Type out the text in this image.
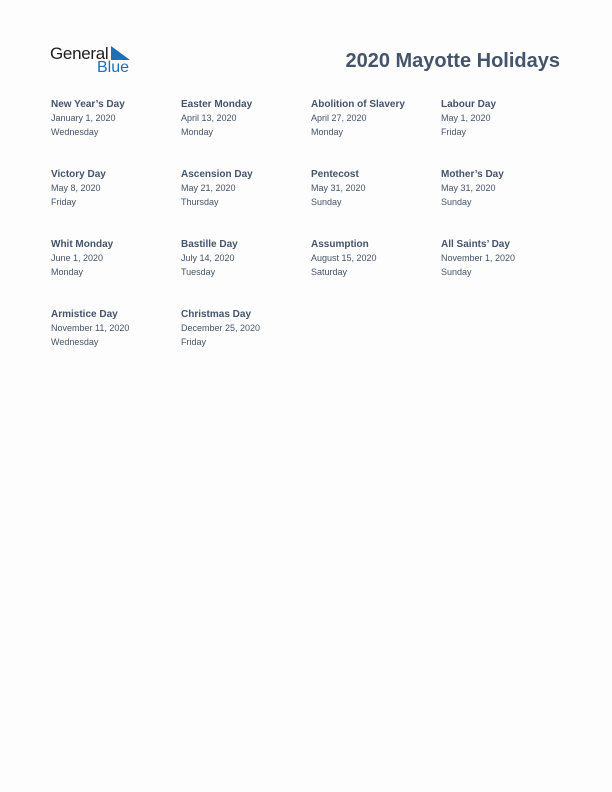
General
Blue	2020 Mayotte Holidays
New Year’s Day
January 1, 2020
Wednesday
Easter Monday
April 13, 2020
Monday
Abolition of Slavery
April 27, 2020
Monday
Labour Day
May 1, 2020
Friday
Victory Day
May 8, 2020
Friday
Ascension Day
May 21, 2020
Thursday
Pentecost
May 31, 2020
Sunday
Mother’s Day
May 31, 2020
Sunday
Whit Monday
June 1, 2020
Monday
Bastille Day
July 14, 2020
Tuesday
Assumption
August 15, 2020
Saturday
All Saints’ Day
November 1, 2020
Sunday
Armistice Day
November 11, 2020
Wednesday
Christmas Day
December 25, 2020
Friday
